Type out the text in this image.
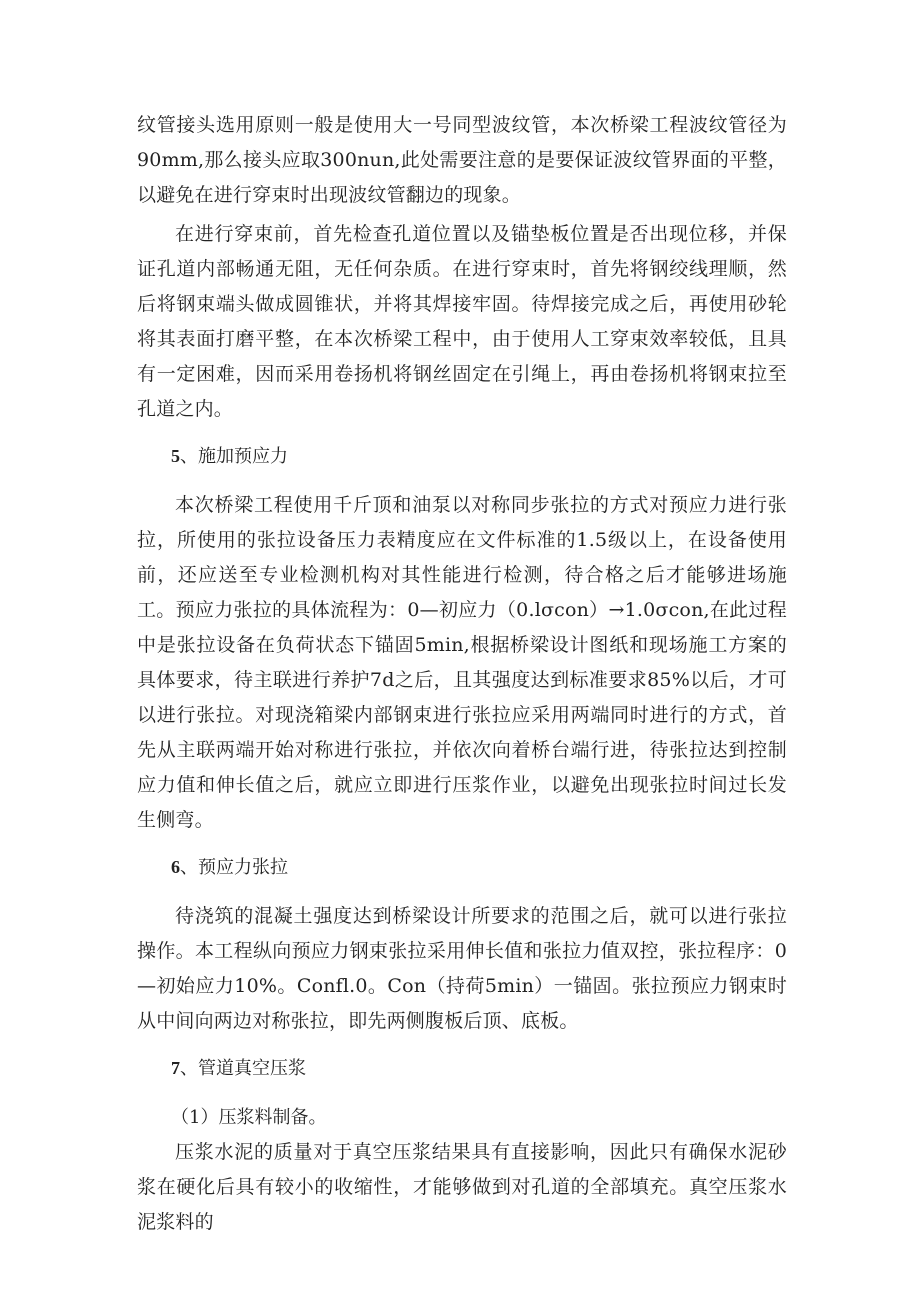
纹管接头选用原则一般是使用大一号同型波纹管，本次桥梁工程波纹管径为90mm,那么接头应取300nun,此处需要注意的是要保证波纹管界面的平整，以避免在进行穿束时出现波纹管翻边的现象。

在进行穿束前，首先检查孔道位置以及锚垫板位置是否出现位移，并保证孔道内部畅通无阻，无任何杂质。在进行穿束时，首先将钢绞线理顺，然后将钢束端头做成圆锥状，并将其焊接牢固。待焊接完成之后，再使用砂轮将其表面打磨平整，在本次桥梁工程中，由于使用人工穿束效率较低，且具有一定困难，因而采用卷扬机将钢丝固定在引绳上，再由卷扬机将钢束拉至孔道之内。

5、施加预应力

本次桥梁工程使用千斤顶和油泵以对称同步张拉的方式对预应力进行张拉，所使用的张拉设备压力表精度应在文件标准的1.5级以上，在设备使用前，还应送至专业检测机构对其性能进行检测，待合格之后才能够进场施工。预应力张拉的具体流程为：0—初应力（0.lσcon）→1.0σcon,在此过程中是张拉设备在负荷状态下锚固5min,根据桥梁设计图纸和现场施工方案的具体要求，待主联进行养护7d之后，且其强度达到标准要求85%以后，才可以进行张拉。对现浇箱梁内部钢束进行张拉应采用两端同时进行的方式，首先从主联两端开始对称进行张拉，并依次向着桥台端行进，待张拉达到控制应力值和伸长值之后，就应立即进行压浆作业，以避免出现张拉时间过长发生侧弯。

6、预应力张拉

待浇筑的混凝土强度达到桥梁设计所要求的范围之后，就可以进行张拉操作。本工程纵向预应力钢束张拉采用伸长值和张拉力值双控，张拉程序：0—初始应力10%。Confl.0。Con（持荷5min）一锚固。张拉预应力钢束时从中间向两边对称张拉，即先两侧腹板后顶、底板。

7、管道真空压浆

（1）压浆料制备。

压浆水泥的质量对于真空压浆结果具有直接影响，因此只有确保水泥砂浆在硬化后具有较小的收缩性，才能够做到对孔道的全部填充。真空压浆水泥浆料的
